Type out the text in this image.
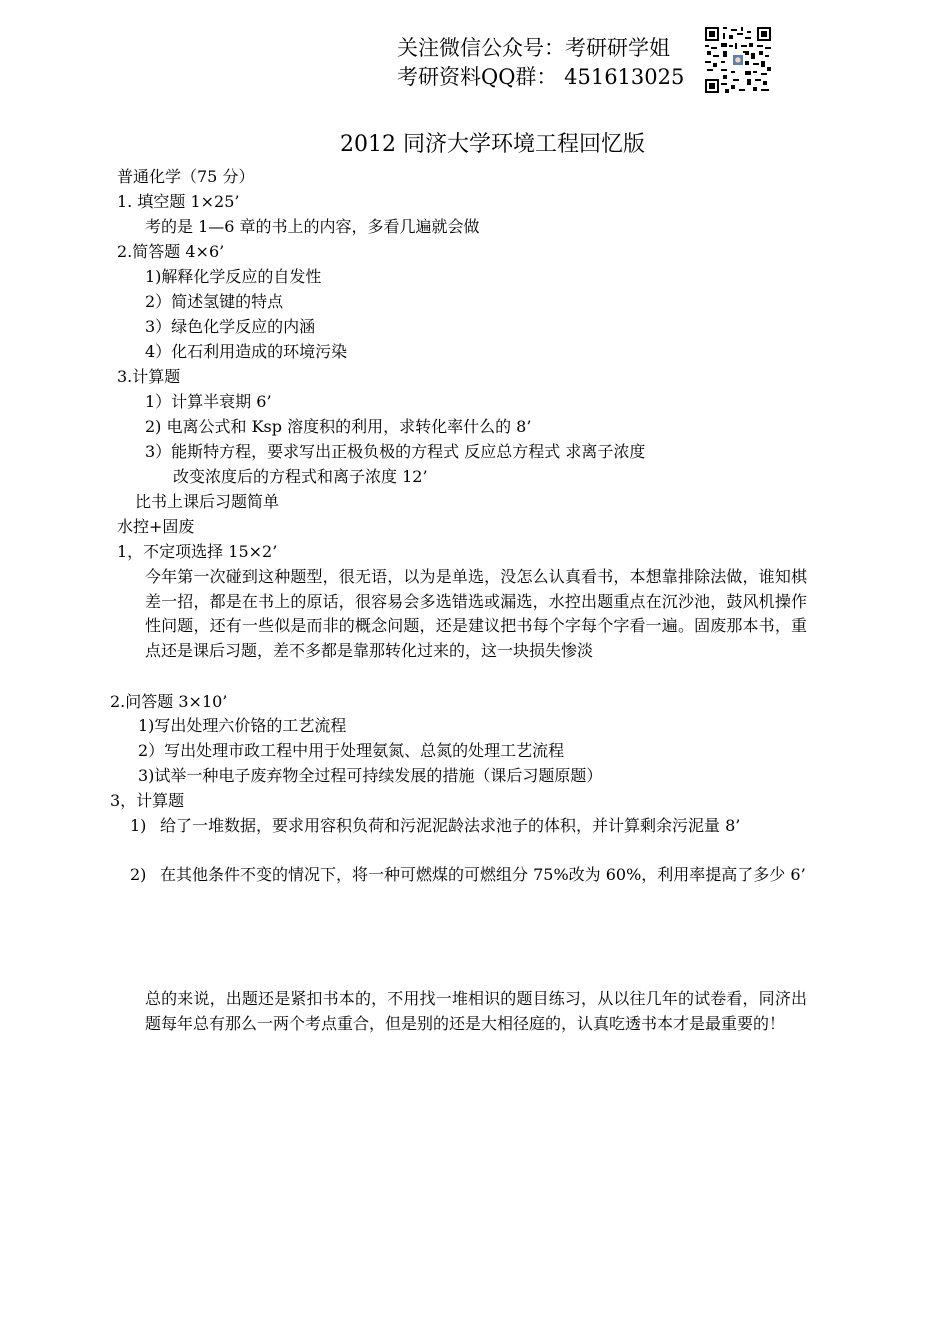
关注微信公众号：考研研学姐
考研资料QQ群： 451613025
2012 同济大学环境工程回忆版
普通化学（75 分）
1. 填空题 1×25’
考的是 1—6 章的书上的内容，多看几遍就会做
2.简答题 4×6’
1)解释化学反应的自发性
2）简述氢键的特点
3）绿色化学反应的内涵
4）化石利用造成的环境污染
3.计算题
1）计算半衰期 6’
2) 电离公式和 Ksp 溶度积的利用，求转化率什么的 8’
3）能斯特方程，要求写出正极负极的方程式 反应总方程式 求离子浓度
改变浓度后的方程式和离子浓度 12’
比书上课后习题简单
水控+固废
1，不定项选择 15×2’
今年第一次碰到这种题型，很无语，以为是单选，没怎么认真看书，本想靠排除法做，谁知棋差一招，都是在书上的原话，很容易会多选错选或漏选，水控出题重点在沉沙池，鼓风机操作性问题，还有一些似是而非的概念问题，还是建议把书每个字每个字看一遍。固废那本书，重点还是课后习题，差不多都是靠那转化过来的，这一块损失惨淡
2.问答题 3×10’
1)写出处理六价铬的工艺流程
2）写出处理市政工程中用于处理氨氮、总氮的处理工艺流程
3)试举一种电子废弃物全过程可持续发展的措施（课后习题原题）
3，计算题
1) 给了一堆数据，要求用容积负荷和污泥泥龄法求池子的体积，并计算剩余污泥量 8’
2) 在其他条件不变的情况下，将一种可燃煤的可燃组分 75%改为 60%，利用率提高了多少 6’
总的来说，出题还是紧扣书本的，不用找一堆相识的题目练习，从以往几年的试卷看，同济出题每年总有那么一两个考点重合，但是别的还是大相径庭的，认真吃透书本才是最重要的！
